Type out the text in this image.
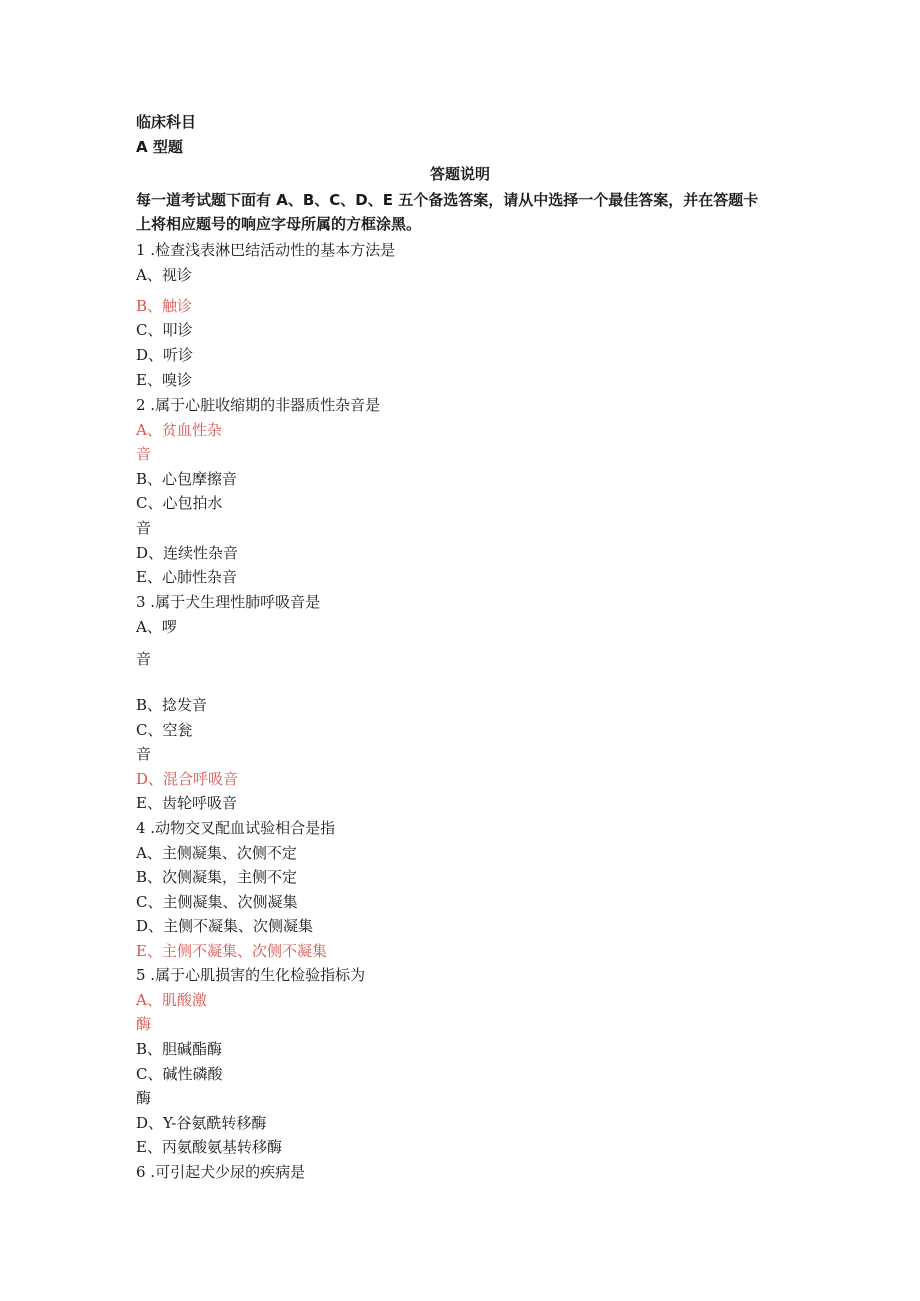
临床科目
A 型题
答题说明
每一道考试题下面有 A、B、C、D、E 五个备选答案，请从中选择一个最佳答案，并在答题卡
上将相应题号的响应字母所属的方框涂黑。
1 .检查浅表淋巴结活动性的基本方法是
A、视诊
B、触诊
C、叩诊
D、听诊
E、嗅诊
2 .属于心脏收缩期的非器质性杂音是
A、贫血性杂
音
B、心包摩擦音
C、心包拍水
音
D、连续性杂音
E、心肺性杂音
3 .属于犬生理性肺呼吸音是
A、啰
音
B、捻发音
C、空瓮
音
D、混合呼吸音
E、齿轮呼吸音
4 .动物交叉配血试验相合是指
A、主侧凝集、次侧不定
B、次侧凝集，主侧不定
C、主侧凝集、次侧凝集
D、主侧不凝集、次侧凝集
E、主侧不凝集、次侧不凝集
5 .属于心肌损害的生化检验指标为
A、肌酸激
酶
B、胆碱酯酶
C、碱性磷酸
酶
D、Y-谷氨酰转移酶
E、丙氨酸氨基转移酶
6 .可引起犬少尿的疾病是
